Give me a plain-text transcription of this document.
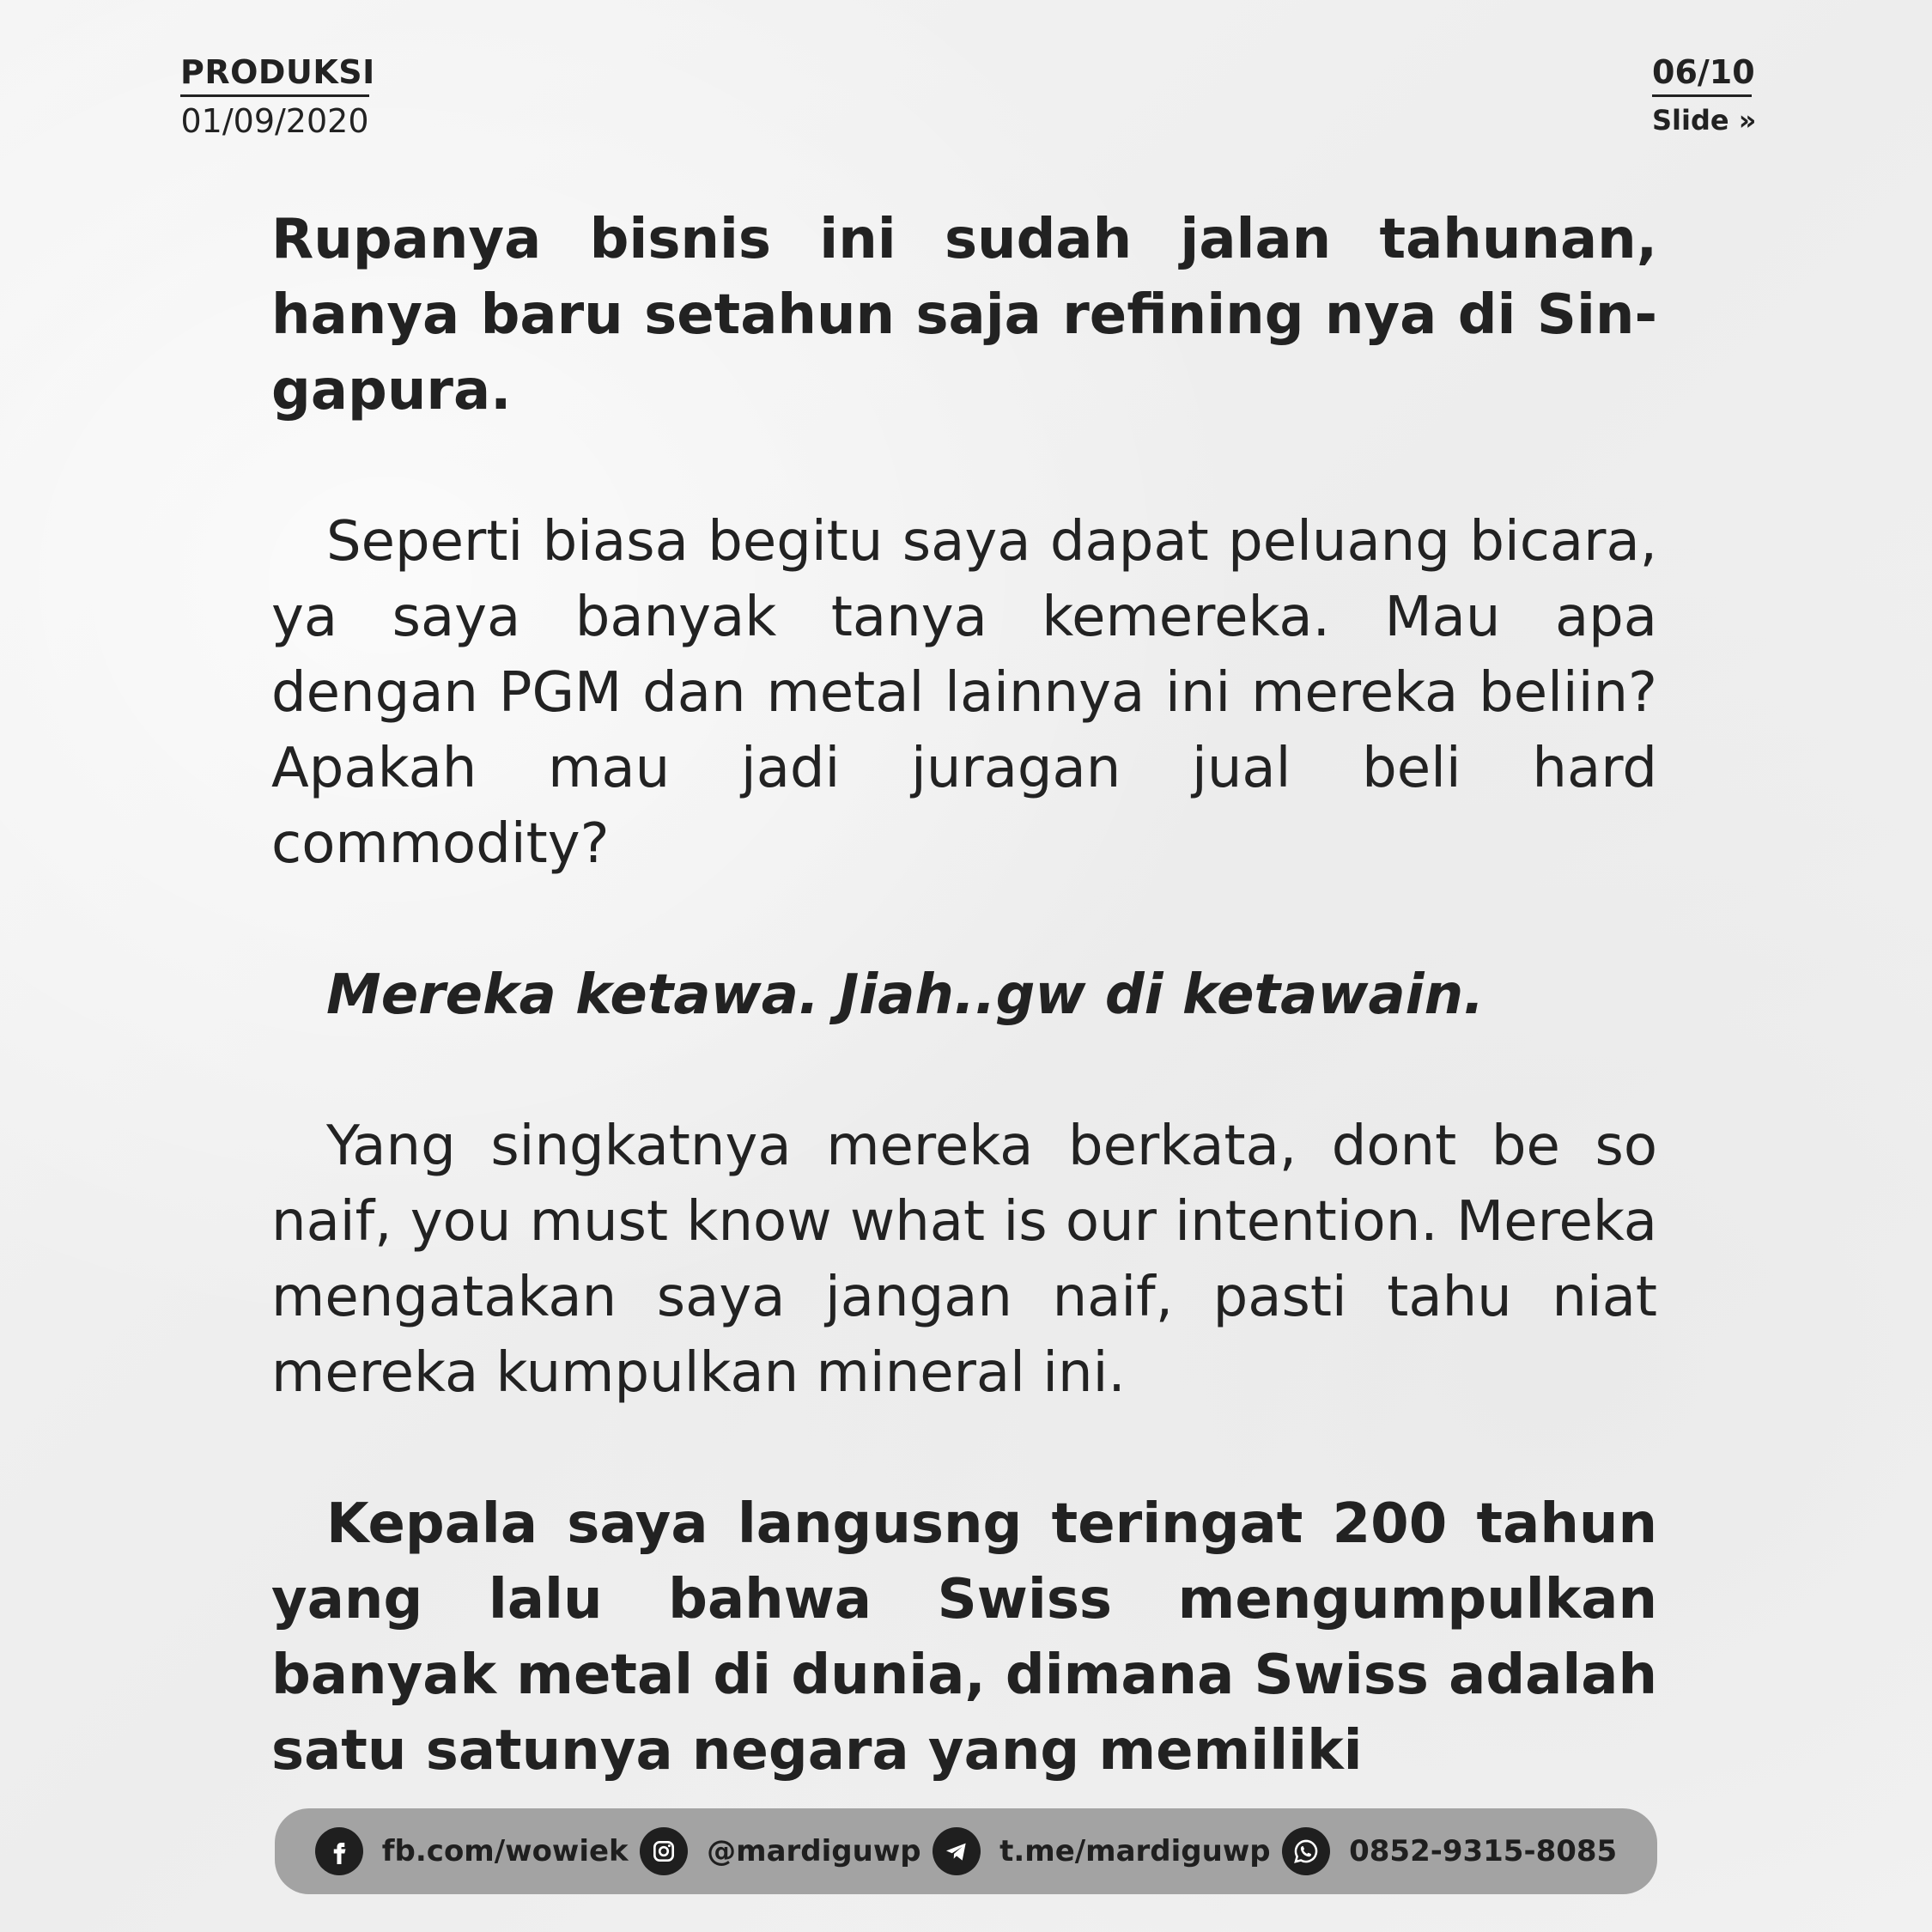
PRODUKSI
01/09/2020
06/10
Slide »

Rupanya bisnis ini sudah jalan tahunan, hanya baru setahun saja refining nya di Sin-gapura.

Seperti biasa begitu saya dapat peluang bicara, ya saya banyak tanya kemereka. Mau apa dengan PGM dan metal lainnya ini mereka beliin? Apakah mau jadi juragan jual beli hard commodity?

Mereka ketawa. Jiah..gw di ketawain.

Yang singkatnya mereka berkata, dont be so naif, you must know what is our intention. Mereka mengatakan saya jangan naif, pasti tahu niat mereka kumpulkan mineral ini.

Kepala saya langusng teringat 200 tahun yang lalu bahwa Swiss mengumpulkan banyak metal di dunia, dimana Swiss adalah satu satunya negara yang memiliki

fb.com/wowiek	@mardiguwp	t.me/mardiguwp	0852-9315-8085
